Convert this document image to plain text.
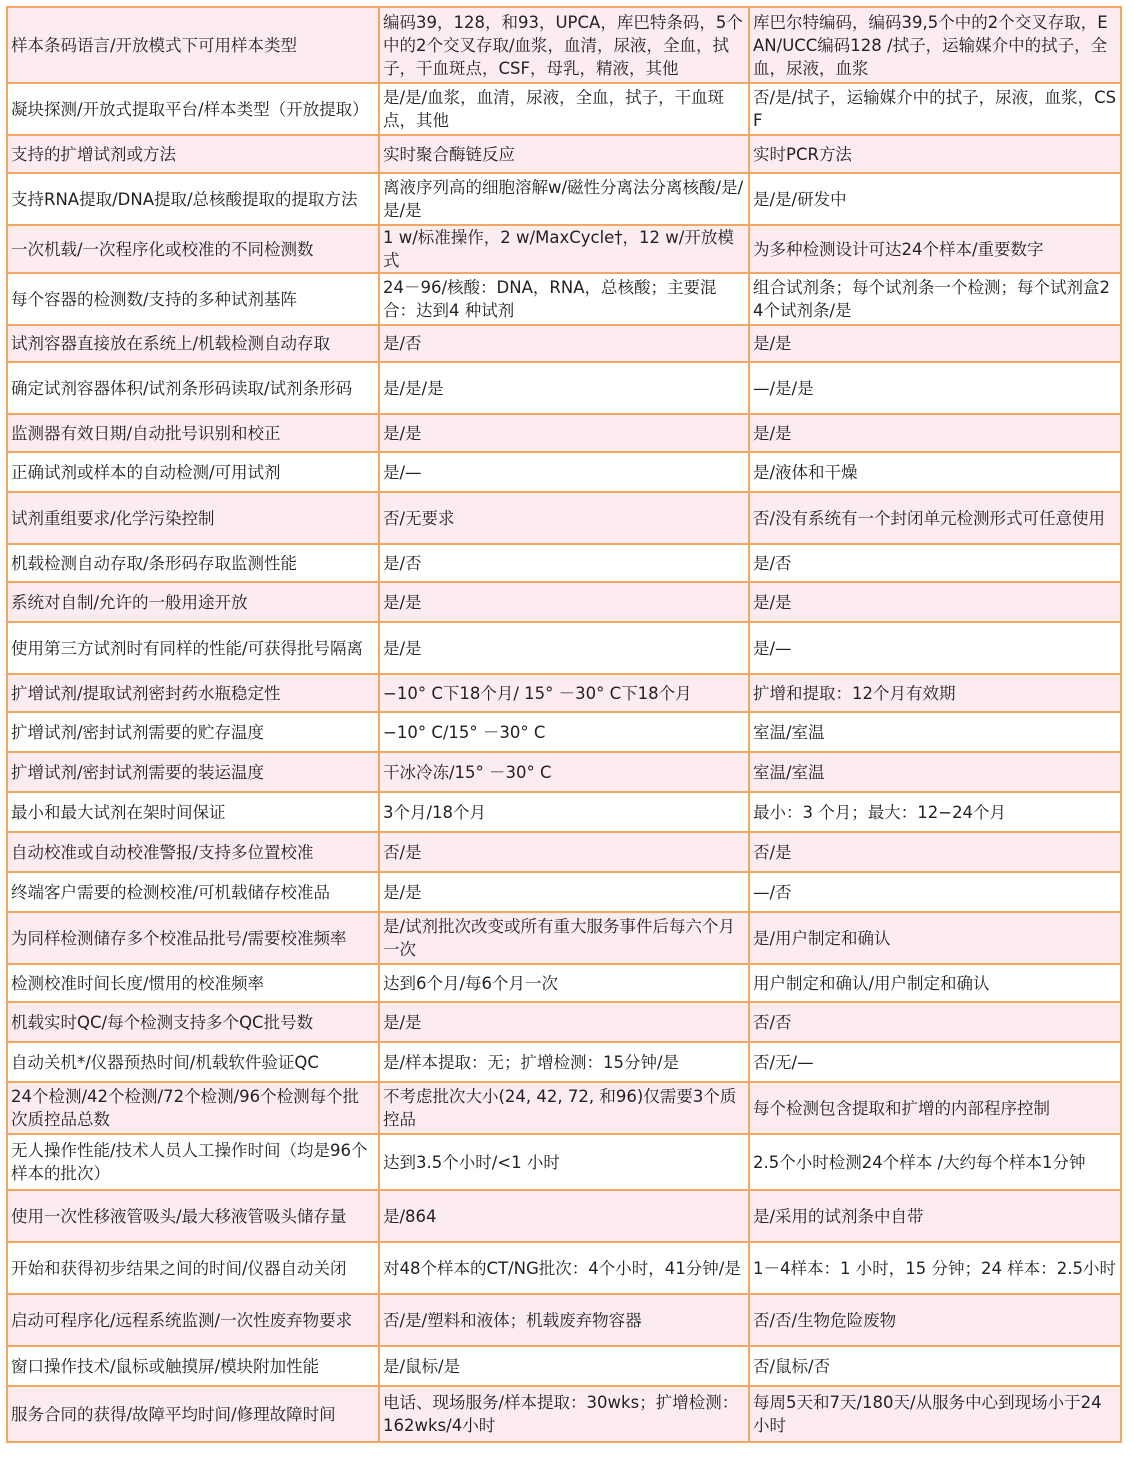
样本条码语言/开放模式下可用样本类型	编码39，128，和93，UPCA，库巴特条码，5个中的2个交叉存取/血浆，血清，尿液，全血，拭子，干血斑点，CSF，母乳，精液，其他	库巴尔特编码，编码39,5个中的2个交叉存取，EAN/UCC编码128 /拭子，运输媒介中的拭子，全血，尿液，血浆
凝块探测/开放式提取平台/样本类型（开放提取）	是/是/血浆，血清，尿液，全血，拭子，干血斑点，其他	否/是/拭子，运输媒介中的拭子，尿液，血浆，CSF
支持的扩增试剂或方法	实时聚合酶链反应	实时PCR方法
支持RNA提取/DNA提取/总核酸提取的提取方法	离液序列高的细胞溶解w/磁性分离法分离核酸/是/是/是	是/是/研发中
一次机载/一次程序化或校准的不同检测数	1 w/标准操作，2 w/MaxCycle†，12 w/开放模式	为多种检测设计可达24个样本/重要数字
每个容器的检测数/支持的多种试剂基阵	24－96/核酸：DNA，RNA，总核酸；主要混合：达到4 种试剂	组合试剂条；每个试剂条一个检测；每个试剂盒24个试剂条/是
试剂容器直接放在系统上/机载检测自动存取	是/否	是/是
确定试剂容器体积/试剂条形码读取/试剂条形码	是/是/是	—/是/是
监测器有效日期/自动批号识别和校正	是/是	是/是
正确试剂或样本的自动检测/可用试剂	是/—	是/液体和干燥
试剂重组要求/化学污染控制	否/无要求	否/没有系统有一个封闭单元检测形式可任意使用
机载检测自动存取/条形码存取监测性能	是/否	是/否
系统对自制/允许的一般用途开放	是/是	是/是
使用第三方试剂时有同样的性能/可获得批号隔离	是/是	是/—
扩增试剂/提取试剂密封药水瓶稳定性	−10° C下18个月/ 15° －30° C下18个月	扩增和提取：12个月有效期
扩增试剂/密封试剂需要的贮存温度	−10° C/15° －30° C	室温/室温
扩增试剂/密封试剂需要的装运温度	干冰冷冻/15° －30° C	室温/室温
最小和最大试剂在架时间保证	3个月/18个月	最小：3 个月；最大：12−24个月
自动校准或自动校准警报/支持多位置校准	否/是	否/是
终端客户需要的检测校准/可机载储存校准品	是/是	—/否
为同样检测储存多个校准品批号/需要校准频率	是/试剂批次改变或所有重大服务事件后每六个月一次	是/用户制定和确认
检测校准时间长度/惯用的校准频率	达到6个月/每6个月一次	用户制定和确认/用户制定和确认
机载实时QC/每个检测支持多个QC批号数	是/是	否/否
自动关机*/仪器预热时间/机载软件验证QC	是/样本提取：无；扩增检测：15分钟/是	否/无/—
24个检测/42个检测/72个检测/96个检测每个批次质控品总数	不考虑批次大小(24, 42, 72, 和96)仅需要3个质控品	每个检测包含提取和扩增的内部程序控制
无人操作性能/技术人员人工操作时间（均是96个样本的批次）	达到3.5个小时/<1 小时	2.5个小时检测24个样本 /大约每个样本1分钟
使用一次性移液管吸头/最大移液管吸头储存量	是/864	是/采用的试剂条中自带
开始和获得初步结果之间的时间/仪器自动关闭	对48个样本的CT/NG批次：4个小时，41分钟/是	1－4样本：1 小时，15 分钟；24 样本：2.5小时
启动可程序化/远程系统监测/一次性废弃物要求	否/是/塑料和液体；机载废弃物容器	否/否/生物危险废物
窗口操作技术/鼠标或触摸屏/模块附加性能	是/鼠标/是	否/鼠标/否
服务合同的获得/故障平均时间/修理故障时间	电话、现场服务/样本提取：30wks；扩增检测：162wks/4小时	每周5天和7天/180天/从服务中心到现场小于24小时
